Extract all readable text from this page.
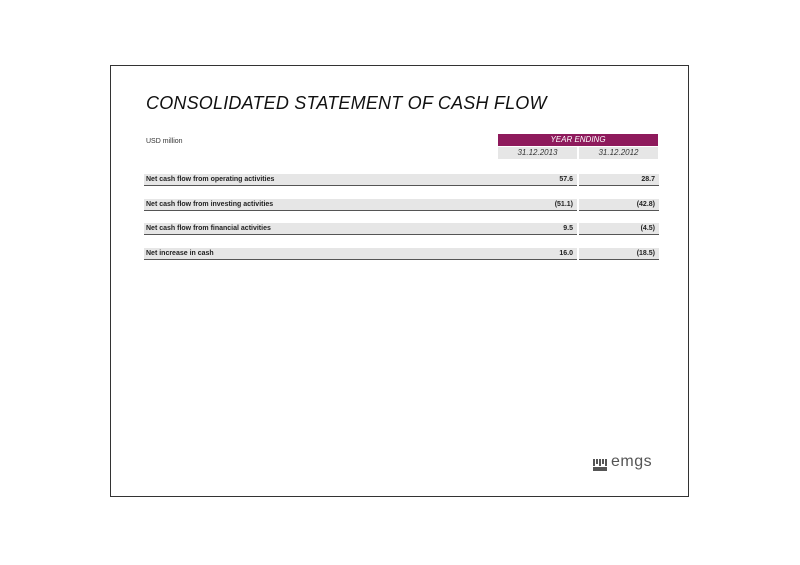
CONSOLIDATED STATEMENT OF CASH FLOW
USD million	YEAR ENDING
31.12.2013	31.12.2012
Net cash flow from operating activities	57.6	28.7
Net cash flow from investing activities	(51.1)	(42.8)
Net cash flow from financial activities	9.5	(4.5)
Net increase in cash	16.0	(18.5)
emgs
